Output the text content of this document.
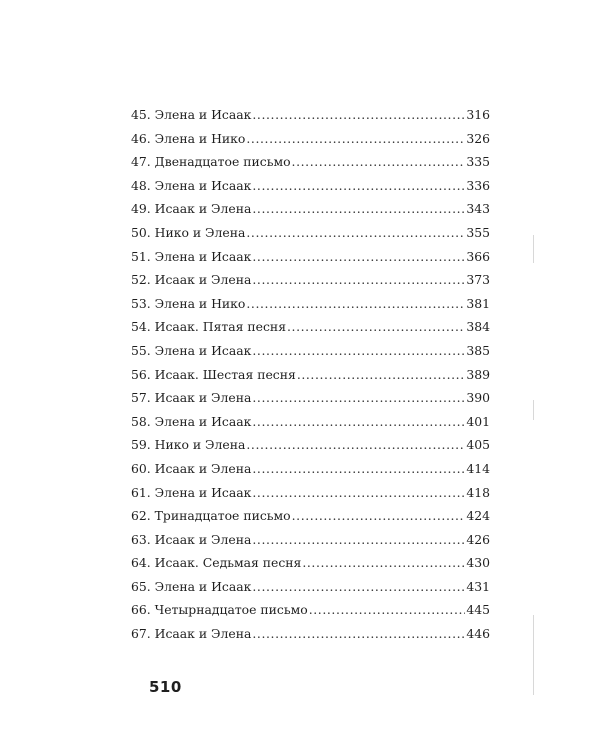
45. Элена и Исаак .....	316
46. Элена и Нико .....	326
47. Двенадцатое письмо .....	335
48. Элена и Исаак .....	336
49. Исаак и Элена .....	343
50. Нико и Элена .....	355
51. Элена и Исаак .....	366
52. Исаак и Элена .....	373
53. Элена и Нико .....	381
54. Исаак. Пятая песня .....	384
55. Элена и Исаак .....	385
56. Исаак. Шестая песня .....	389
57. Исаак и Элена .....	390
58. Элена и Исаак .....	401
59. Нико и Элена .....	405
60. Исаак и Элена .....	414
61. Элена и Исаак .....	418
62. Тринадцатое письмо .....	424
63. Исаак и Элена .....	426
64. Исаак. Седьмая песня .....	430
65. Элена и Исаак .....	431
66. Четырнадцатое письмо .....	445
67. Исаак и Элена .....	446
510
